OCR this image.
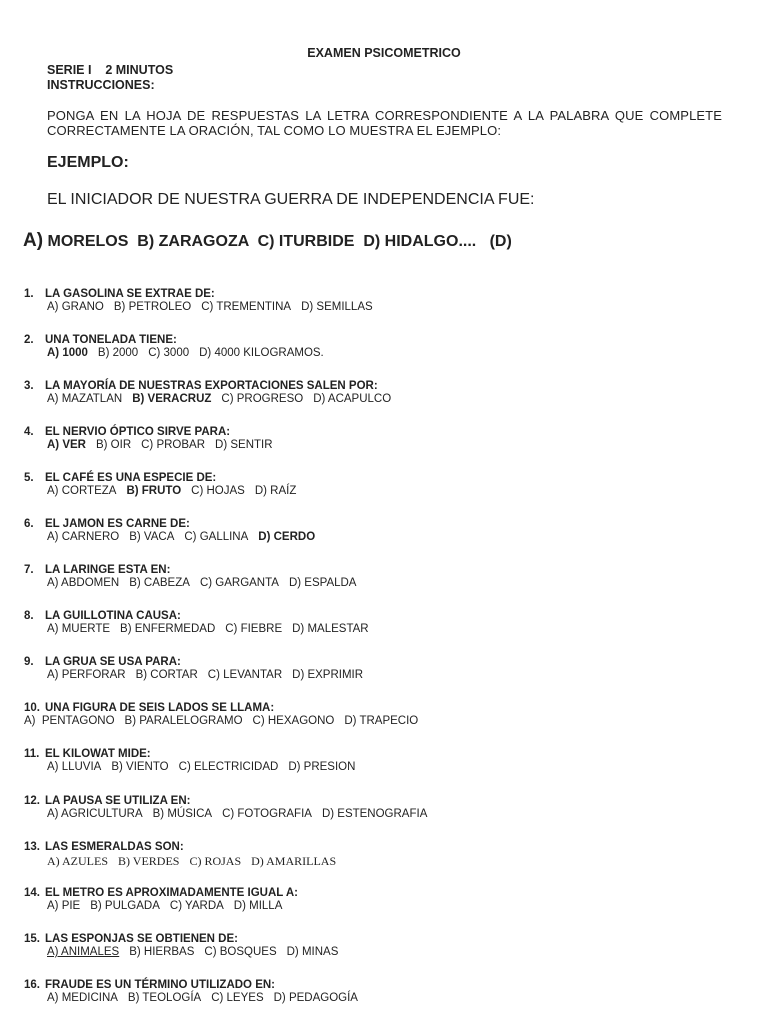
EXAMEN PSICOMETRICO
SERIE I    2 MINUTOS
INSTRUCCIONES:
PONGA EN LA HOJA DE RESPUESTAS LA LETRA CORRESPONDIENTE A LA PALABRA QUE COMPLETE
CORRECTAMENTE LA ORACIÓN, TAL COMO LO MUESTRA EL EJEMPLO:
EJEMPLO:
EL INICIADOR DE NUESTRA GUERRA DE INDEPENDENCIA FUE:
A) MORELOS  B) ZARAGOZA  C) ITURBIDE  D) HIDALGO....   (D)
1. LA GASOLINA SE EXTRAE DE:
A) GRANO B) PETROLEO C) TREMENTINA D) SEMILLAS
2. UNA TONELADA TIENE:
A) 1000 B) 2000 C) 3000 D) 4000 KILOGRAMOS.
3. LA MAYORÍA DE NUESTRAS EXPORTACIONES SALEN POR:
A) MAZATLAN B) VERACRUZ C) PROGRESO D) ACAPULCO
4. EL NERVIO ÓPTICO SIRVE PARA:
A) VER B) OIR C) PROBAR D) SENTIR
5. EL CAFÉ ES UNA ESPECIE DE:
A) CORTEZA B) FRUTO C) HOJAS D) RAÍZ
6. EL JAMON ES CARNE DE:
A) CARNERO B) VACA C) GALLINA D) CERDO
7. LA LARINGE ESTA EN:
A) ABDOMEN B) CABEZA C) GARGANTA D) ESPALDA
8. LA GUILLOTINA CAUSA:
A) MUERTE B) ENFERMEDAD C) FIEBRE D) MALESTAR
9. LA GRUA SE USA PARA:
A) PERFORAR B) CORTAR C) LEVANTAR D) EXPRIMIR
10. UNA FIGURA DE SEIS LADOS SE LLAMA:
A)  PENTAGONO B) PARALELOGRAMO C) HEXAGONO D) TRAPECIO
11. EL KILOWAT MIDE:
A) LLUVIA B) VIENTO C) ELECTRICIDAD D) PRESION
12. LA PAUSA SE UTILIZA EN:
A) AGRICULTURA B) MÚSICA C) FOTOGRAFIA D) ESTENOGRAFIA
13. LAS ESMERALDAS SON:
A) AZULES B) VERDES C) ROJAS D) AMARILLAS
14. EL METRO ES APROXIMADAMENTE IGUAL A:
A) PIE B) PULGADA C) YARDA D) MILLA
15. LAS ESPONJAS SE OBTIENEN DE:
A) ANIMALES B) HIERBAS C) BOSQUES D) MINAS
16. FRAUDE ES UN TÉRMINO UTILIZADO EN:
A) MEDICINA B) TEOLOGÍA C) LEYES D) PEDAGOGÍA
